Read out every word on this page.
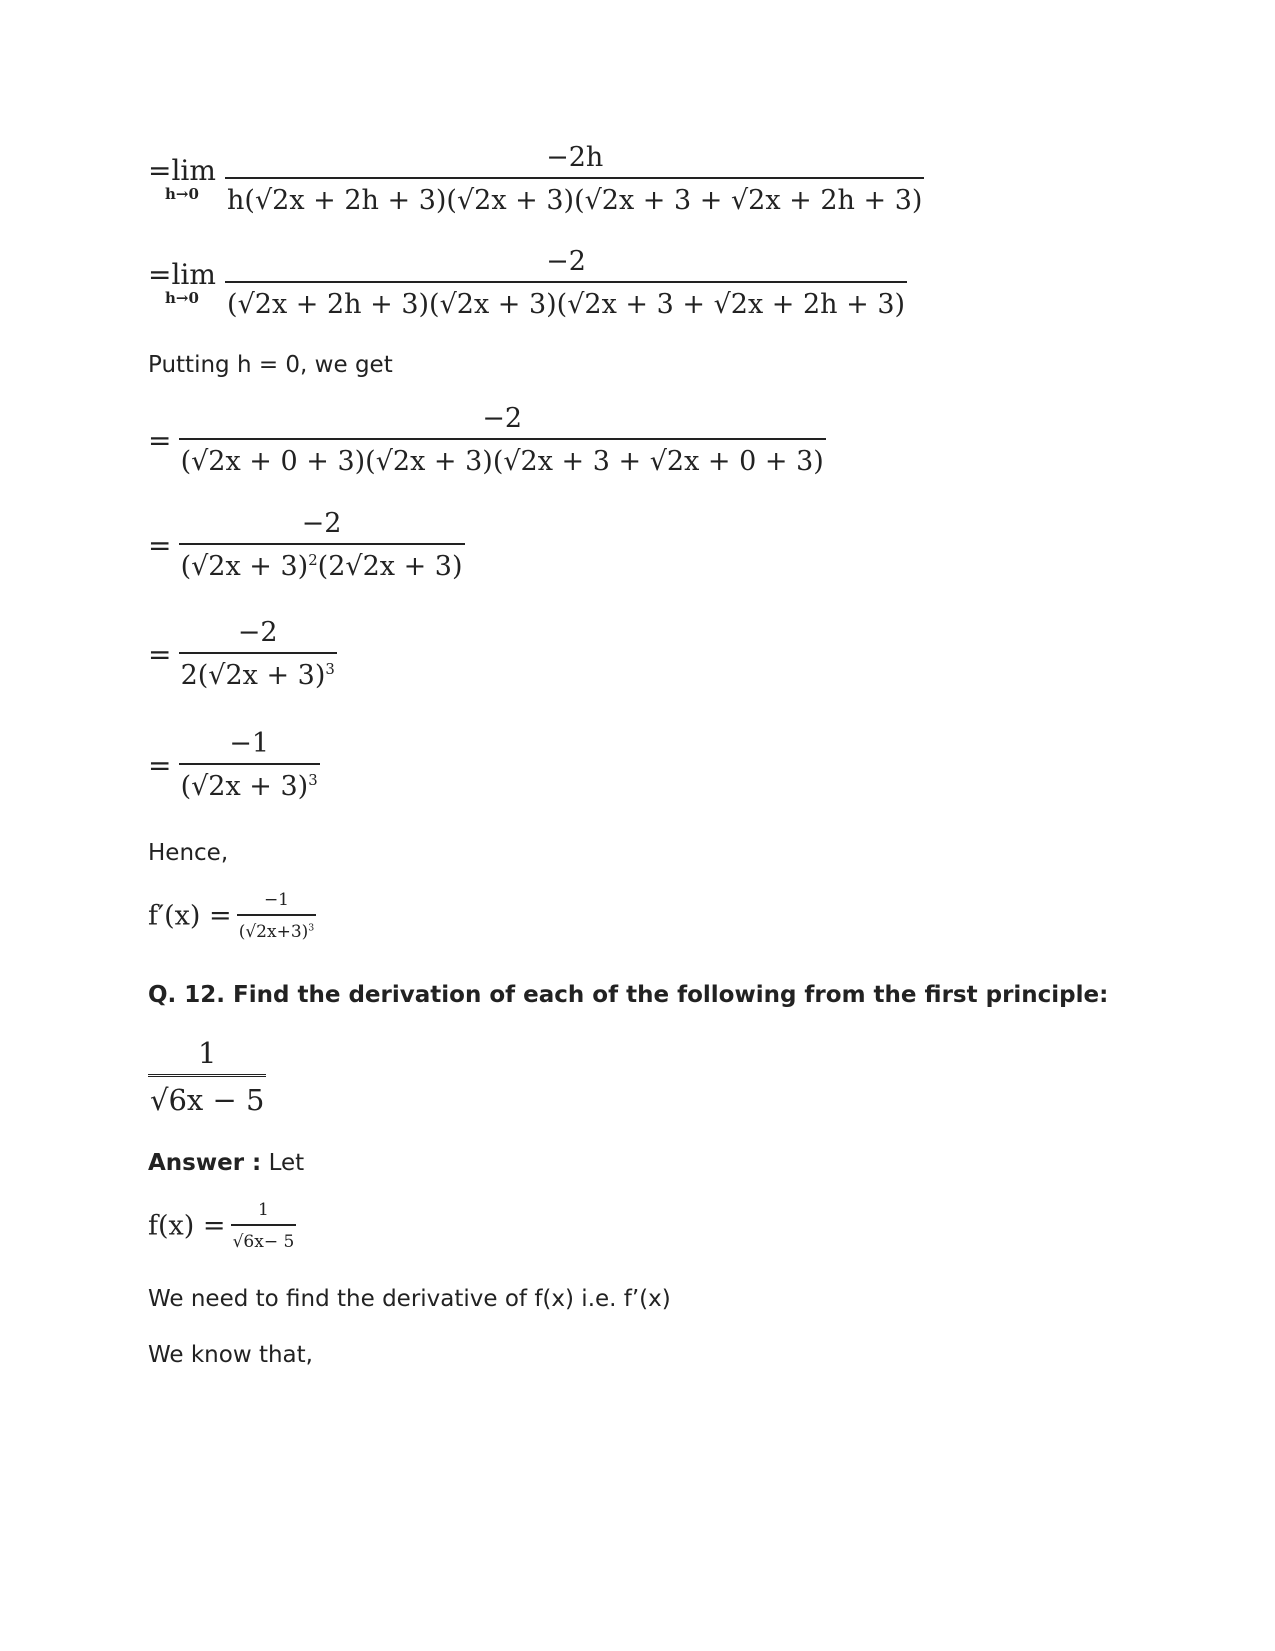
=lim
h→0
$\frac{-2h}{h(√2x + 2h + 3)(√2x + 3)(√2x + 3 + √2x + 2h + 3)}$
=lim
h→0
$\frac{-2}{(√2x + 2h + 3)(√2x + 3)(√2x + 3 + √2x + 2h + 3)}$
Putting h = 0, we get
= $\frac{-2}{(√2x + 0 + 3)(√2x + 3)(√2x + 3 + √2x + 0 + 3)}$
= $\frac{-2}{(√2x + 3)^2(2√2x + 3)}$
= $\frac{-2}{2(√2x + 3)^3}$
= $\frac{-1}{(√2x + 3)^3}$
Hence,
$f'(x) = \frac{-1}{(√2x+3)^3}$
Q. 12. Find the derivation of each of the following from the first principle:
$\frac{1}{√6x - 5}$
Answer : Let
$f(x) = \frac{1}{√6x- 5}$
We need to find the derivative of f(x) i.e. f’(x)
We know that,
